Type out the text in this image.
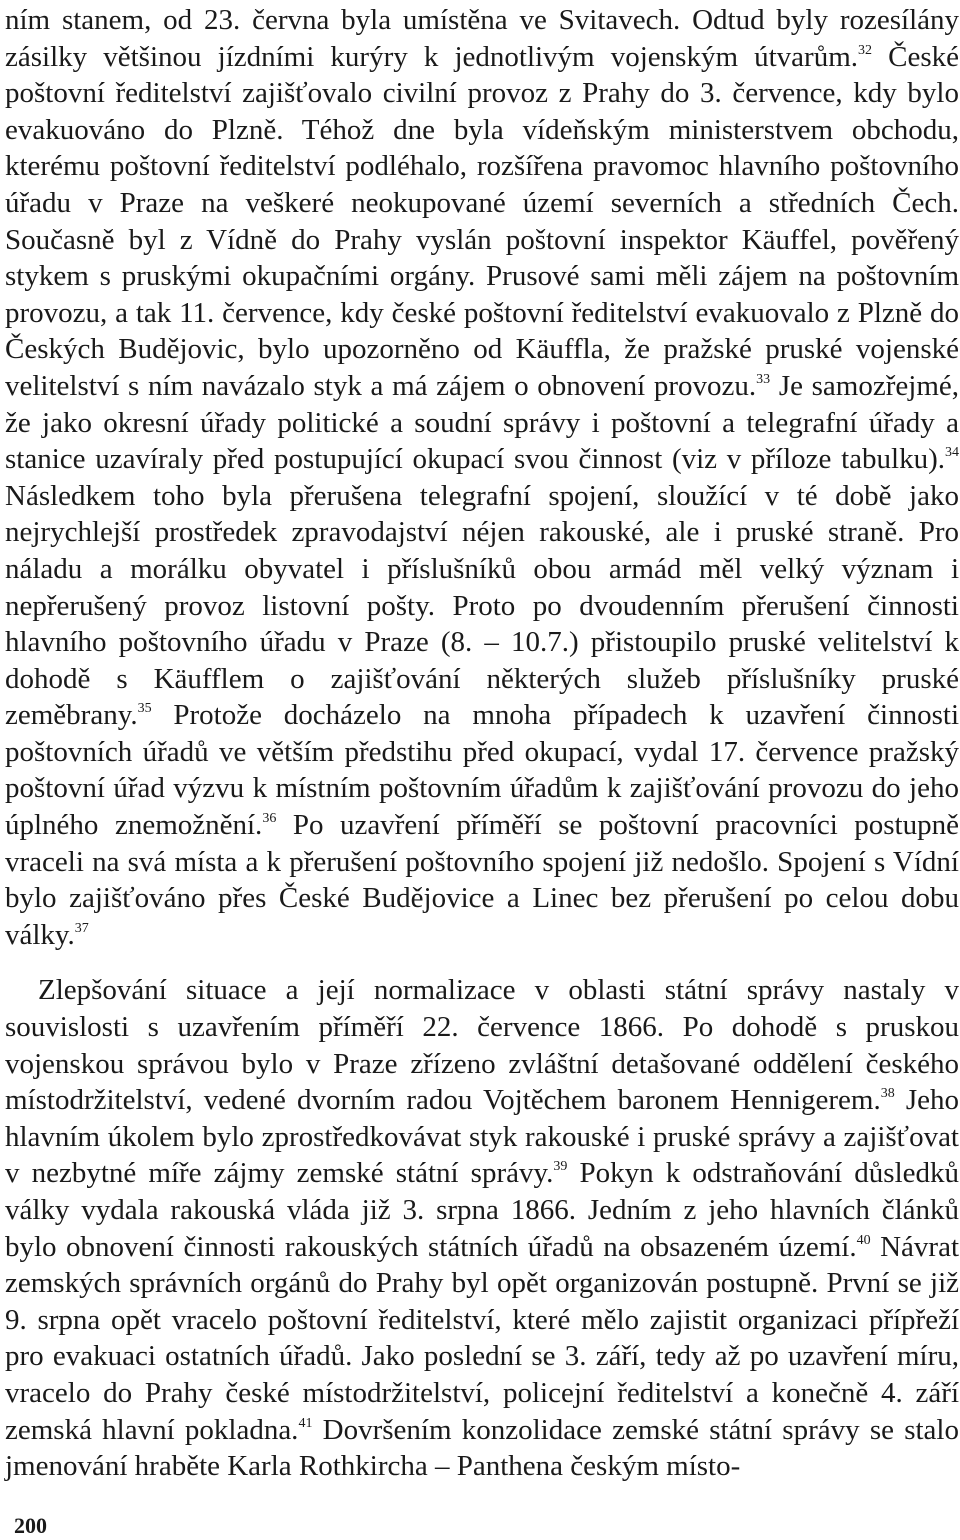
ním stanem, od 23. června byla umístěna ve Svitavech. Odtud byly rozesílány zásilky většinou jízdními kurýry k jednotlivým vojenským útvarům.$^{32}$ České poštovní ředitelství zajišťovalo civilní provoz z Prahy do 3. července, kdy bylo evakuováno do Plzně. Téhož dne byla vídeňským ministerstvem obchodu, kterému poštovní ředitelství podléhalo, rozšířena pravomoc hlavního poštovního úřadu v Praze na veškeré neokupované území severních a středních Čech. Současně byl z Vídně do Prahy vyslán poštovní inspektor Käuffel, pověřený stykem s pruskými okupačními orgány. Prusové sami měli zájem na poštovním provozu, a tak 11. července, kdy české poštovní ředitelství evakuovalo z Plzně do Českých Budějovic, bylo upozorněno od Käuffla, že pražské pruské vojenské velitelství s ním navázalo styk a má zájem o obnovení provozu.$^{33}$ Je samozřejmé, že jako okresní úřady politické a soudní správy i poštovní a telegrafní úřady a stanice uzavíraly před postupující okupací svou činnost (viz v příloze tabulku).$^{34}$ Následkem toho byla přerušena telegrafní spojení, sloužící v té době jako nejrychlejší prostředek zpravodajství néjen rakouské, ale i pruské straně. Pro náladu a morálku obyvatel i příslušníků obou armád měl velký význam i nepřerušený provoz listovní pošty. Proto po dvoudenním přerušení činnosti hlavního poštovního úřadu v Praze (8. – 10.7.) přistoupilo pruské velitelství k dohodě s Käufflem o zajišťování některých služeb příslušníky pruské zeměbrany.$^{35}$ Protože docházelo na mnoha případech k uzavření činnosti poštovních úřadů ve větším předstihu před okupací, vydal 17. července pražský poštovní úřad výzvu k místním poštovním úřadům k zajišťování provozu do jeho úplného znemožnění.$^{36}$ Po uzavření příměří se poštovní pracovníci postupně vraceli na svá místa a k přerušení poštovního spojení již nedošlo. Spojení s Vídní bylo zajišťováno přes České Budějovice a Linec bez přerušení po celou dobu války.$^{37}$

Zlepšování situace a její normalizace v oblasti státní správy nastaly v souvislosti s uzavřením příměří 22. července 1866. Po dohodě s pruskou vojenskou správou bylo v Praze zřízeno zvláštní detašované oddělení českého místodržitelství, vedené dvorním radou Vojtěchem baronem Hennigerem.$^{38}$ Jeho hlavním úkolem bylo zprostředkovávat styk rakouské i pruské správy a zajišťovat v nezbytné míře zájmy zemské státní správy.$^{39}$ Pokyn k odstraňování důsledků války vydala rakouská vláda již 3. srpna 1866. Jedním z jeho hlavních článků bylo obnovení činnosti rakouských státních úřadů na obsazeném území.$^{40}$ Návrat zemských správních orgánů do Prahy byl opět organizován postupně. První se již 9. srpna opět vracelo poštovní ředitelství, které mělo zajistit organizaci přípřeží pro evakuaci ostatních úřadů. Jako poslední se 3. září, tedy až po uzavření míru, vracelo do Prahy české místodržitelství, policejní ředitelství a konečně 4. září zemská hlavní pokladna.$^{41}$ Dovršením konzolidace zemské státní správy se stalo jmenování hraběte Karla Rothkircha – Panthena českým místo-

200
